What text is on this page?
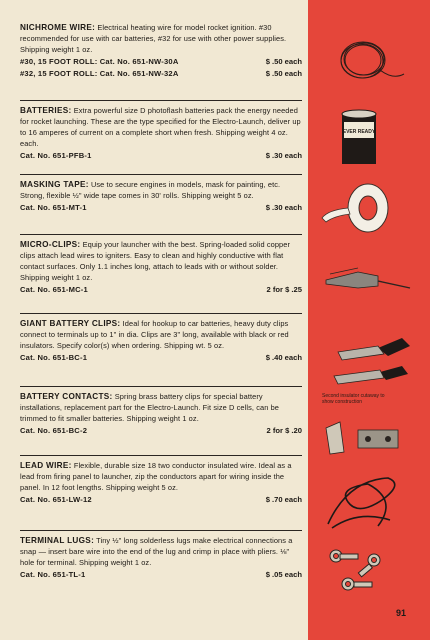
NICHROME WIRE: Electrical heating wire for model rocket ignition. #30 recommended for use with car batteries, #32 for use with other power supplies. Shipping weight 1 oz.

#30, 15 FOOT ROLL: Cat. No. 651-NW-30A	$ .50 each
#32, 15 FOOT ROLL: Cat. No. 651-NW-32A	$ .50 each

BATTERIES: Extra powerful size D photoflash batteries pack the energy needed for rocket launching. These are the type specified for the Electro-Launch, deliver up to 16 amperes of current on a complete short when fresh. Shipping weight 4 oz. each.

Cat. No. 651-PFB-1	$ .30 each

MASKING TAPE: Use to secure engines in models, mask for painting, etc. Strong, flexible ½" wide tape comes in 30' rolls. Shipping weight 5 oz.

Cat. No. 651-MT-1	$ .30 each

MICRO-CLIPS: Equip your launcher with the best. Spring-loaded solid copper clips attach lead wires to igniters. Easy to clean and highly conductive with flat contact surfaces. Only 1.1 inches long, attach to leads with or without solder. Shipping weight 1 oz.

Cat. No. 651-MC-1	2 for $ .25

GIANT BATTERY CLIPS: Ideal for hookup to car batteries, heavy duty clips connect to terminals up to 1" in dia. Clips are 3" long, available with black or red insulators. Specify color(s) when ordering. Shipping wt. 5 oz.

Cat. No. 651-BC-1	$ .40 each

BATTERY CONTACTS: Spring brass battery clips for special battery installations, replacement part for the Electro-Launch. Fit size D cells, can be trimmed to fit smaller batteries. Shipping weight 1 oz.

Cat. No. 651-BC-2	2 for $ .20

LEAD WIRE: Flexible, durable size 18 two conductor insulated wire. Ideal as a lead from firing panel to launcher, zip the conductors apart for wiring inside the panel. In 12 foot lengths. Shipping weight 5 oz.

Cat. No. 651-LW-12	$ .70 each

TERMINAL LUGS: Tiny ½" long solderless lugs make electrical connections a snap — insert bare wire into the end of the lug and crimp in place with pliers. ⅛" hole for terminal. Shipping weight 1 oz.

Cat. No. 651-TL-1	$ .05 each
EVER READY
Second insulator cutaway to show construction
91
